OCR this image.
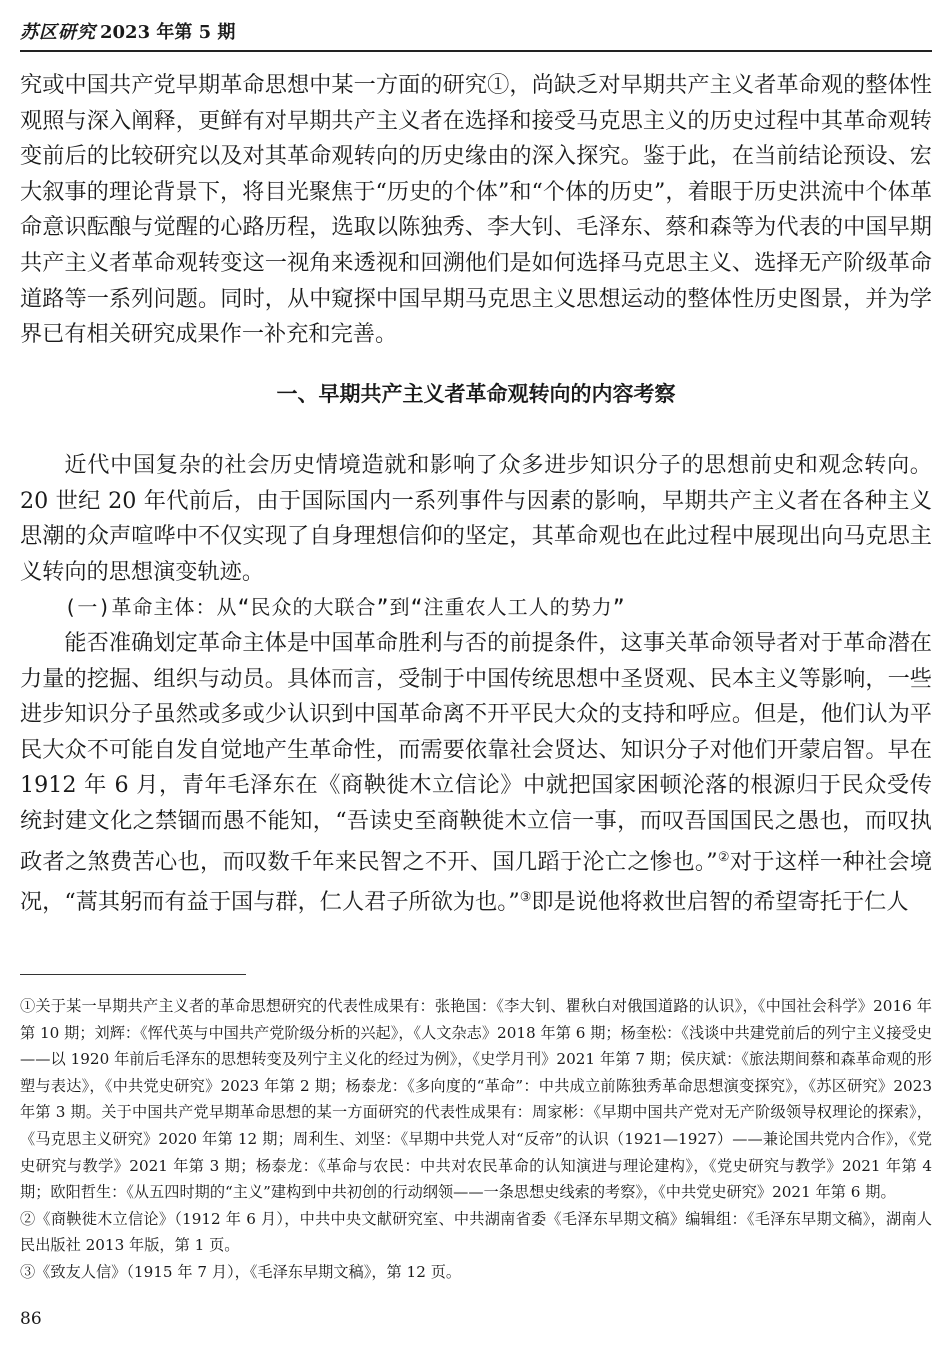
苏区研究 2023 年第 5 期

究或中国共产党早期革命思想中某一方面的研究①，尚缺乏对早期共产主义者革命观的整体性观照与深入阐释，更鲜有对早期共产主义者在选择和接受马克思主义的历史过程中其革命观转变前后的比较研究以及对其革命观转向的历史缘由的深入探究。鉴于此，在当前结论预设、宏大叙事的理论背景下，将目光聚焦于“历史的个体”和“个体的历史”，着眼于历史洪流中个体革命意识酝酿与觉醒的心路历程，选取以陈独秀、李大钊、毛泽东、蔡和森等为代表的中国早期共产主义者革命观转变这一视角来透视和回溯他们是如何选择马克思主义、选择无产阶级革命道路等一系列问题。同时，从中窥探中国早期马克思主义思想运动的整体性历史图景，并为学界已有相关研究成果作一补充和完善。

一、早期共产主义者革命观转向的内容考察

近代中国复杂的社会历史情境造就和影响了众多进步知识分子的思想前史和观念转向。20 世纪 20 年代前后，由于国际国内一系列事件与因素的影响，早期共产主义者在各种主义思潮的众声喧哗中不仅实现了自身理想信仰的坚定，其革命观也在此过程中展现出向马克思主义转向的思想演变轨迹。

(一)革命主体：从“民众的大联合”到“注重农人工人的势力”

能否准确划定革命主体是中国革命胜利与否的前提条件，这事关革命领导者对于革命潜在力量的挖掘、组织与动员。具体而言，受制于中国传统思想中圣贤观、民本主义等影响，一些进步知识分子虽然或多或少认识到中国革命离不开平民大众的支持和呼应。但是，他们认为平民大众不可能自发自觉地产生革命性，而需要依靠社会贤达、知识分子对他们开蒙启智。早在 1912 年 6 月，青年毛泽东在《商鞅徙木立信论》中就把国家困顿沦落的根源归于民众受传统封建文化之禁锢而愚不能知，“吾读史至商鞅徙木立信一事，而叹吾国国民之愚也，而叹执政者之煞费苦心也，而叹数千年来民智之不开、国几蹈于沦亡之惨也。”②对于这样一种社会境况，“蒿其躬而有益于国与群，仁人君子所欲为也。”③即是说他将救世启智的希望寄托于仁人

①关于某一早期共产主义者的革命思想研究的代表性成果有：张艳国：《李大钊、瞿秋白对俄国道路的认识》，《中国社会科学》2016 年第 10 期；刘辉：《恽代英与中国共产党阶级分析的兴起》，《人文杂志》2018 年第 6 期；杨奎松：《浅谈中共建党前后的列宁主义接受史——以 1920 年前后毛泽东的思想转变及列宁主义化的经过为例》，《史学月刊》2021 年第 7 期；侯庆斌：《旅法期间蔡和森革命观的形塑与表达》，《中共党史研究》2023 年第 2 期；杨泰龙：《多向度的“革命”：中共成立前陈独秀革命思想演变探究》，《苏区研究》2023 年第 3 期。关于中国共产党早期革命思想的某一方面研究的代表性成果有：周家彬：《早期中国共产党对无产阶级领导权理论的探索》，《马克思主义研究》2020 年第 12 期；周利生、刘坚：《早期中共党人对“反帝”的认识（1921—1927）——兼论国共党内合作》，《党史研究与教学》2021 年第 3 期；杨泰龙：《革命与农民：中共对农民革命的认知演进与理论建构》，《党史研究与教学》2021 年第 4 期；欧阳哲生：《从五四时期的“主义”建构到中共初创的行动纲领——一条思想史线索的考察》，《中共党史研究》2021 年第 6 期。

②《商鞅徙木立信论》（1912 年 6 月），中共中央文献研究室、中共湖南省委《毛泽东早期文稿》编辑组：《毛泽东早期文稿》，湖南人民出版社 2013 年版，第 1 页。

③《致友人信》（1915 年 7 月），《毛泽东早期文稿》，第 12 页。

86
